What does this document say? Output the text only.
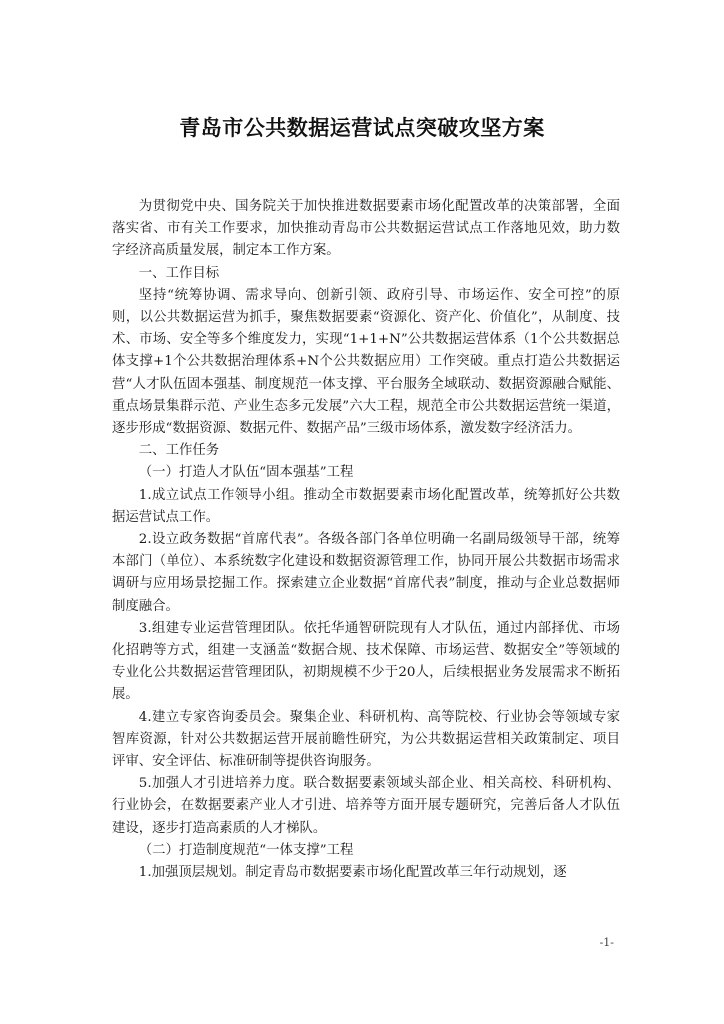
青岛市公共数据运营试点突破攻坚方案

为贯彻党中央、国务院关于加快推进数据要素市场化配置改革的决策部署，全面落实省、市有关工作要求，加快推动青岛市公共数据运营试点工作落地见效，助力数字经济高质量发展，制定本工作方案。

一、工作目标

坚持“统筹协调、需求导向、创新引领、政府引导、市场运作、安全可控”的原则，以公共数据运营为抓手，聚焦数据要素“资源化、资产化、价值化”，从制度、技术、市场、安全等多个维度发力，实现“1+1+N”公共数据运营体系（1个公共数据总体支撑+1个公共数据治理体系+N个公共数据应用）工作突破。重点打造公共数据运营“人才队伍固本强基、制度规范一体支撑、平台服务全域联动、数据资源融合赋能、重点场景集群示范、产业生态多元发展”六大工程，规范全市公共数据运营统一渠道，逐步形成“数据资源、数据元件、数据产品”三级市场体系，激发数字经济活力。

二、工作任务

（一）打造人才队伍“固本强基”工程

1.成立试点工作领导小组。推动全市数据要素市场化配置改革，统筹抓好公共数据运营试点工作。

2.设立政务数据“首席代表”。各级各部门各单位明确一名副局级领导干部，统筹本部门（单位）、本系统数字化建设和数据资源管理工作，协同开展公共数据市场需求调研与应用场景挖掘工作。探索建立企业数据“首席代表”制度，推动与企业总数据师制度融合。

3.组建专业运营管理团队。依托华通智研院现有人才队伍，通过内部择优、市场化招聘等方式，组建一支涵盖“数据合规、技术保障、市场运营、数据安全”等领域的专业化公共数据运营管理团队，初期规模不少于20人，后续根据业务发展需求不断拓展。

4.建立专家咨询委员会。聚集企业、科研机构、高等院校、行业协会等领域专家智库资源，针对公共数据运营开展前瞻性研究，为公共数据运营相关政策制定、项目评审、安全评估、标准研制等提供咨询服务。

5.加强人才引进培养力度。联合数据要素领域头部企业、相关高校、科研机构、行业协会，在数据要素产业人才引进、培养等方面开展专题研究，完善后备人才队伍建设，逐步打造高素质的人才梯队。

（二）打造制度规范“一体支撑”工程

1.加强顶层规划。制定青岛市数据要素市场化配置改革三年行动规划，逐

-1-
